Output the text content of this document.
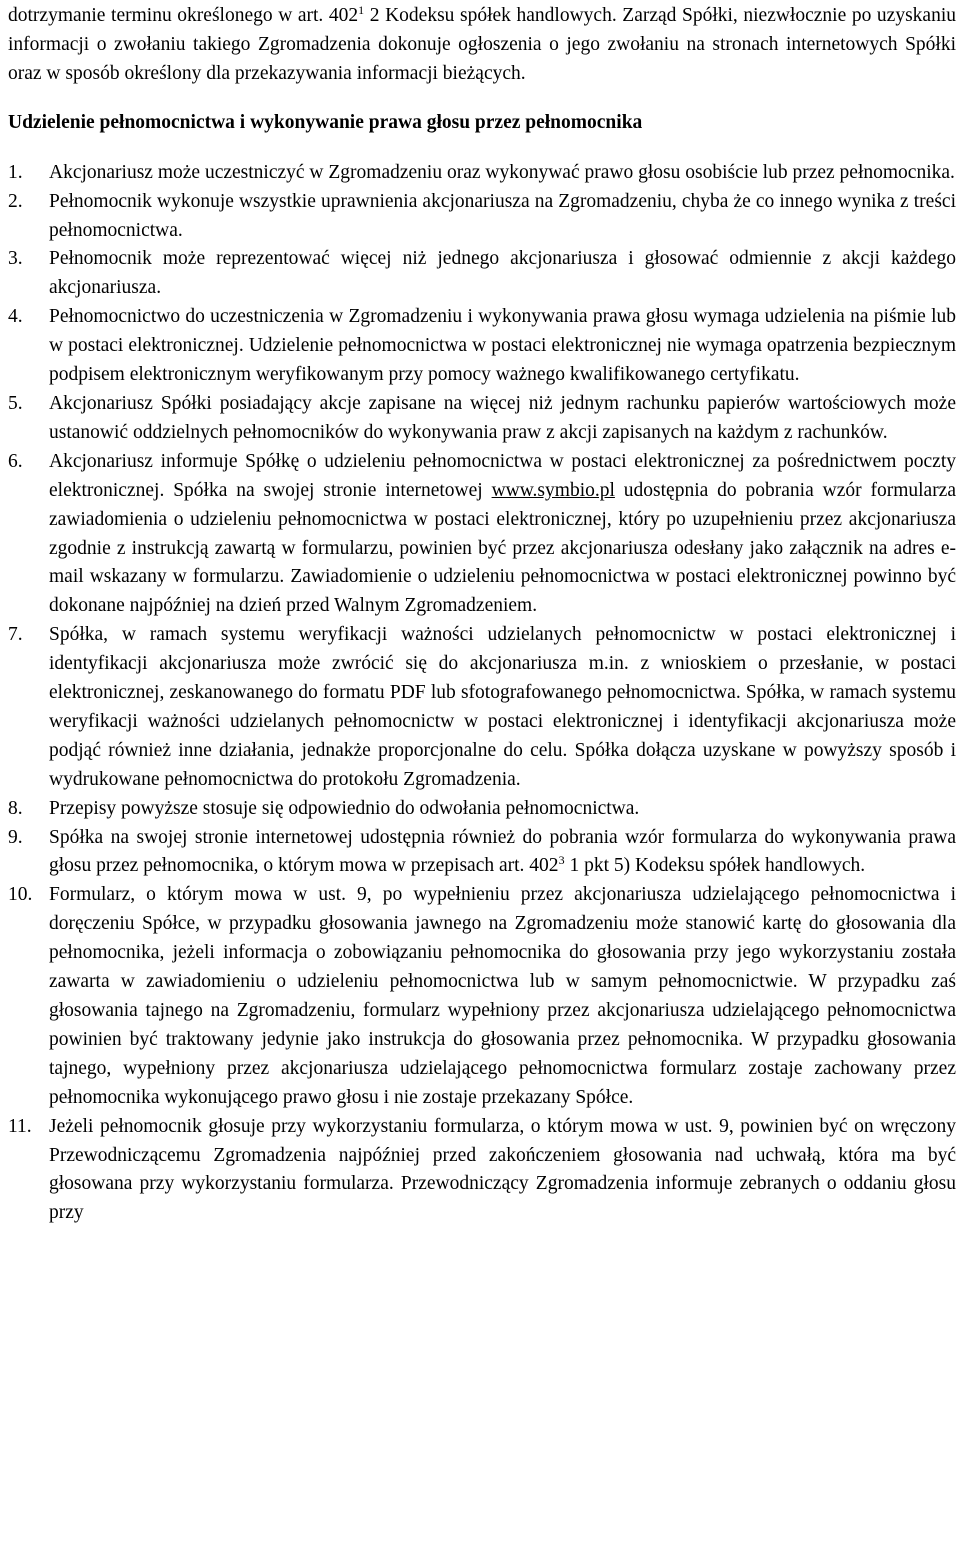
dotrzymanie terminu określonego w art. $402^1$ 2 Kodeksu spółek handlowych. Zarząd Spółki, niezwłocznie po uzyskaniu informacji o zwołaniu takiego Zgromadzenia dokonuje ogłoszenia o jego zwołaniu na stronach internetowych Spółki oraz w sposób określony dla przekazywania informacji bieżących.

Udzielenie pełnomocnictwa i wykonywanie prawa głosu przez pełnomocnika

1.	Akcjonariusz może uczestniczyć w Zgromadzeniu oraz wykonywać prawo głosu osobiście lub przez pełnomocnika.
2.	Pełnomocnik wykonuje wszystkie uprawnienia akcjonariusza na Zgromadzeniu, chyba że co innego wynika z treści pełnomocnictwa.
3.	Pełnomocnik może reprezentować więcej niż jednego akcjonariusza i głosować odmiennie z akcji każdego akcjonariusza.
4.	Pełnomocnictwo do uczestniczenia w Zgromadzeniu i wykonywania prawa głosu wymaga udzielenia na piśmie lub w postaci elektronicznej. Udzielenie pełnomocnictwa w postaci elektronicznej nie wymaga opatrzenia bezpiecznym podpisem elektronicznym weryfikowanym przy pomocy ważnego kwalifikowanego certyfikatu.
5.	Akcjonariusz Spółki posiadający akcje zapisane na więcej niż jednym rachunku papierów wartościowych może ustanowić oddzielnych pełnomocników do wykonywania praw z akcji zapisanych na każdym z rachunków.
6.	Akcjonariusz informuje Spółkę o udzieleniu pełnomocnictwa w postaci elektronicznej za pośrednictwem poczty elektronicznej. Spółka na swojej stronie internetowej www.symbio.pl udostępnia do pobrania wzór formularza zawiadomienia o udzieleniu pełnomocnictwa w postaci elektronicznej, który po uzupełnieniu przez akcjonariusza zgodnie z instrukcją zawartą w formularzu, powinien być przez akcjonariusza odesłany jako załącznik na adres e-mail wskazany w formularzu. Zawiadomienie o udzieleniu pełnomocnictwa w postaci elektronicznej powinno być dokonane najpóźniej na dzień przed Walnym Zgromadzeniem.
7.	Spółka, w ramach systemu weryfikacji ważności udzielanych pełnomocnictw w postaci elektronicznej i identyfikacji akcjonariusza może zwrócić się do akcjonariusza m.in. z wnioskiem o przesłanie, w postaci elektronicznej, zeskanowanego do formatu PDF lub sfotografowanego pełnomocnictwa. Spółka, w ramach systemu weryfikacji ważności udzielanych pełnomocnictw w postaci elektronicznej i identyfikacji akcjonariusza może podjąć również inne działania, jednakże proporcjonalne do celu. Spółka dołącza uzyskane w powyższy sposób i wydrukowane pełnomocnictwa do protokołu Zgromadzenia.
8.	Przepisy powyższe stosuje się odpowiednio do odwołania pełnomocnictwa.
9.	Spółka na swojej stronie internetowej udostępnia również do pobrania wzór formularza do wykonywania prawa głosu przez pełnomocnika, o którym mowa w przepisach art. $402^3$ 1 pkt 5) Kodeksu spółek handlowych.
10. Formularz, o którym mowa w ust. 9, po wypełnieniu przez akcjonariusza udzielającego pełnomocnictwa i doręczeniu Spółce, w przypadku głosowania jawnego na Zgromadzeniu może stanowić kartę do głosowania dla pełnomocnika, jeżeli informacja o zobowiązaniu pełnomocnika do głosowania przy jego wykorzystaniu została zawarta w zawiadomieniu o udzieleniu pełnomocnictwa lub w samym pełnomocnictwie. W przypadku zaś głosowania tajnego na Zgromadzeniu, formularz wypełniony przez akcjonariusza udzielającego pełnomocnictwa powinien być traktowany jedynie jako instrukcja do głosowania przez pełnomocnika. W przypadku głosowania tajnego, wypełniony przez akcjonariusza udzielającego pełnomocnictwa formularz zostaje zachowany przez pełnomocnika wykonującego prawo głosu i nie zostaje przekazany Spółce.
11. Jeżeli pełnomocnik głosuje przy wykorzystaniu formularza, o którym mowa w ust. 9, powinien być on wręczony Przewodniczącemu Zgromadzenia najpóźniej przed zakończeniem głosowania nad uchwałą, która ma być głosowana przy wykorzystaniu formularza. Przewodniczący Zgromadzenia informuje zebranych o oddaniu głosu przy
